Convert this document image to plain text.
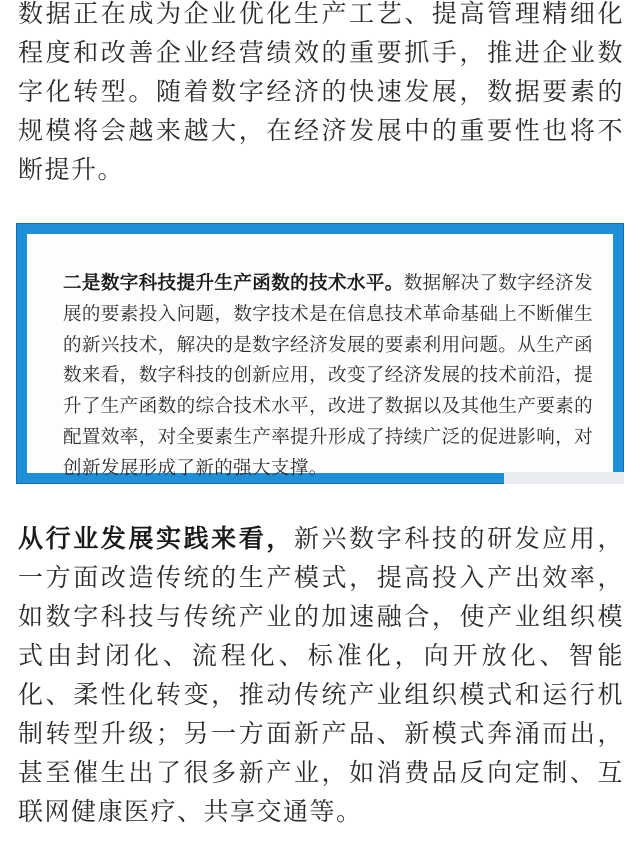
数据正在成为企业优化生产工艺、提高管理精细化程度和改善企业经营绩效的重要抓手，推进企业数字化转型。随着数字经济的快速发展，数据要素的规模将会越来越大，在经济发展中的重要性也将不断提升。

二是数字科技提升生产函数的技术水平。数据解决了数字经济发展的要素投入问题，数字技术是在信息技术革命基础上不断催生的新兴技术，解决的是数字经济发展的要素利用问题。从生产函数来看，数字科技的创新应用，改变了经济发展的技术前沿，提升了生产函数的综合技术水平，改进了数据以及其他生产要素的配置效率，对全要素生产率提升形成了持续广泛的促进影响，对创新发展形成了新的强大支撑。

从行业发展实践来看，新兴数字科技的研发应用，一方面改造传统的生产模式，提高投入产出效率，如数字科技与传统产业的加速融合，使产业组织模式由封闭化、流程化、标准化，向开放化、智能化、柔性化转变，推动传统产业组织模式和运行机制转型升级；另一方面新产品、新模式奔涌而出，甚至催生出了很多新产业，如消费品反向定制、互联网健康医疗、共享交通等。
